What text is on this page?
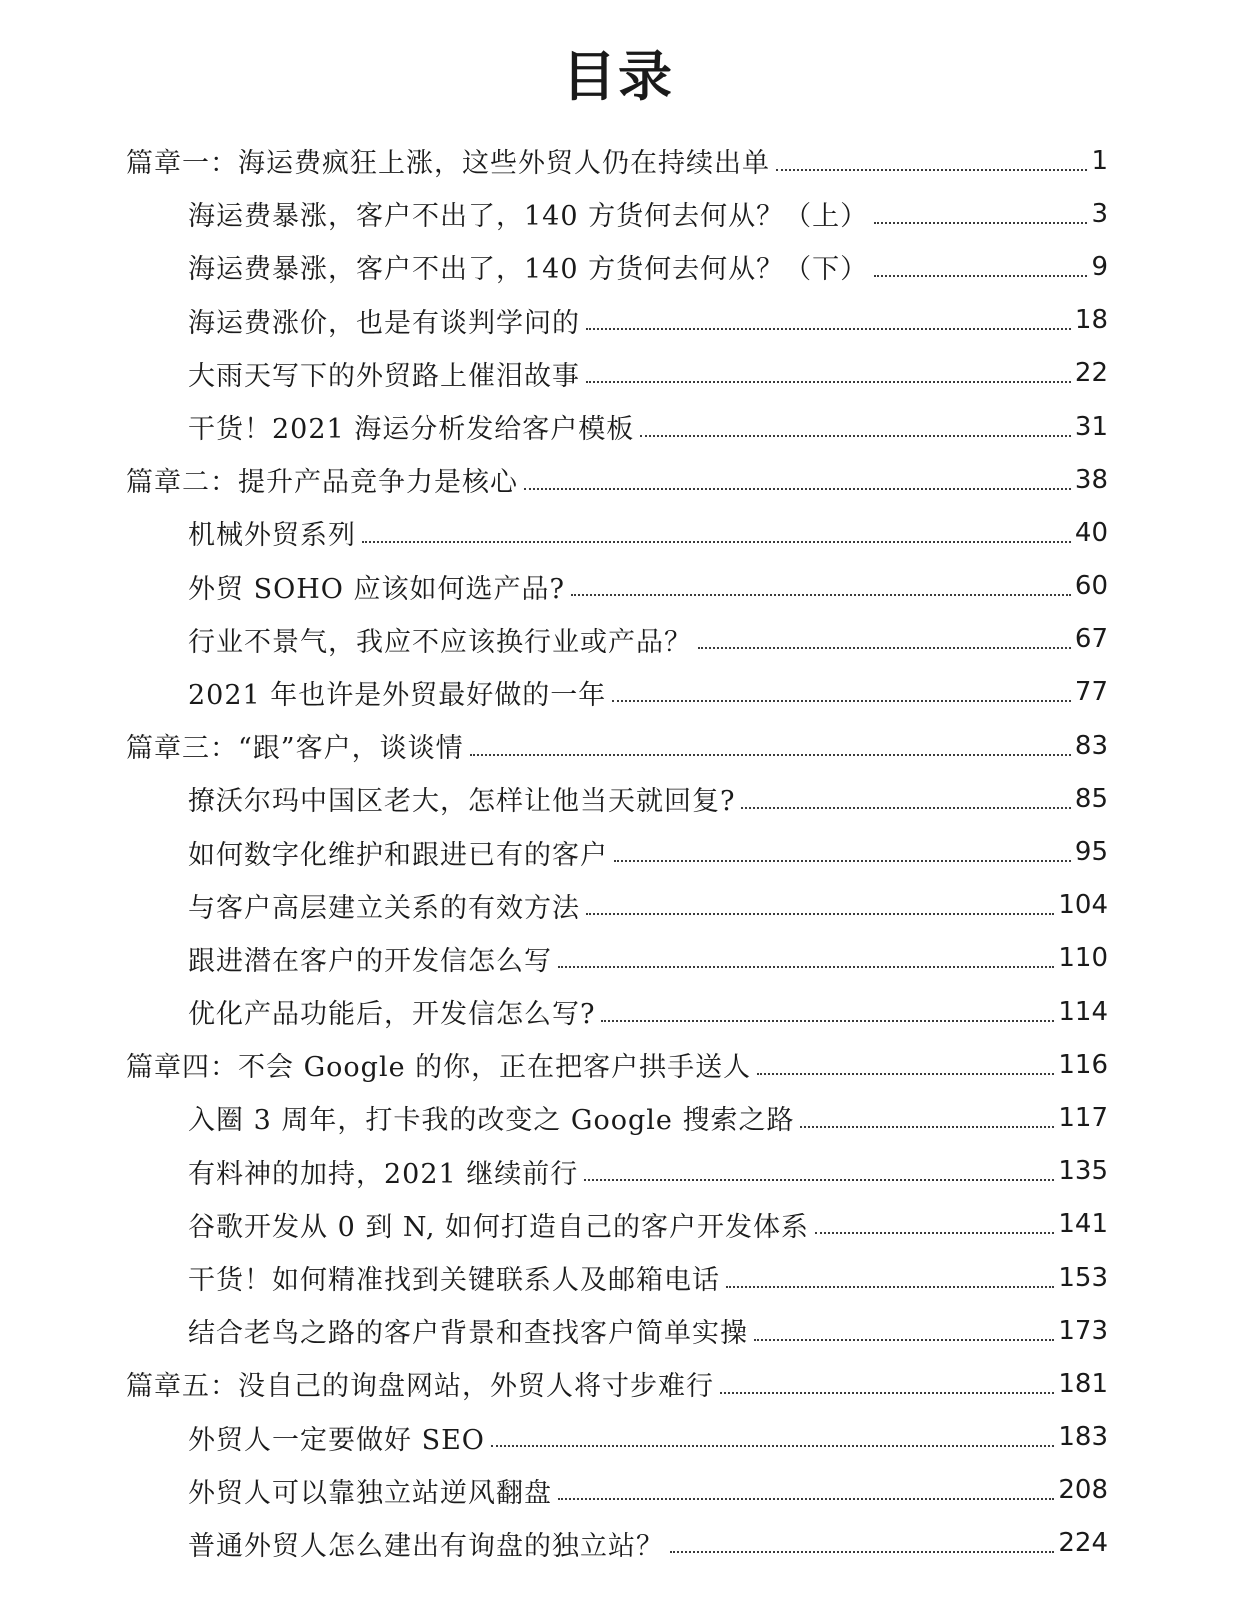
目录
篇章一：海运费疯狂上涨，这些外贸人仍在持续出单	1
海运费暴涨，客户不出了，140 方货何去何从？（上）	3
海运费暴涨，客户不出了，140 方货何去何从？（下）	9
海运费涨价，也是有谈判学问的	18
大雨天写下的外贸路上催泪故事	22
干货！2021 海运分析发给客户模板	31
篇章二：提升产品竞争力是核心	38
机械外贸系列	40
外贸 SOHO 应该如何选产品?	60
行业不景气，我应不应该换行业或产品？	67
2021 年也许是外贸最好做的一年	77
篇章三：“跟”客户，谈谈情	83
撩沃尔玛中国区老大，怎样让他当天就回复?	85
如何数字化维护和跟进已有的客户	95
与客户高层建立关系的有效方法	104
跟进潜在客户的开发信怎么写	110
优化产品功能后，开发信怎么写?	114
篇章四：不会 Google 的你，正在把客户拱手送人	116
入圈 3 周年，打卡我的改变之 Google 搜索之路	117
有料神的加持，2021 继续前行	135
谷歌开发从 0 到 N, 如何打造自己的客户开发体系	141
干货！如何精准找到关键联系人及邮箱电话	153
结合老鸟之路的客户背景和查找客户简单实操	173
篇章五：没自己的询盘网站，外贸人将寸步难行	181
外贸人一定要做好 SEO	183
外贸人可以靠独立站逆风翻盘	208
普通外贸人怎么建出有询盘的独立站？	224
